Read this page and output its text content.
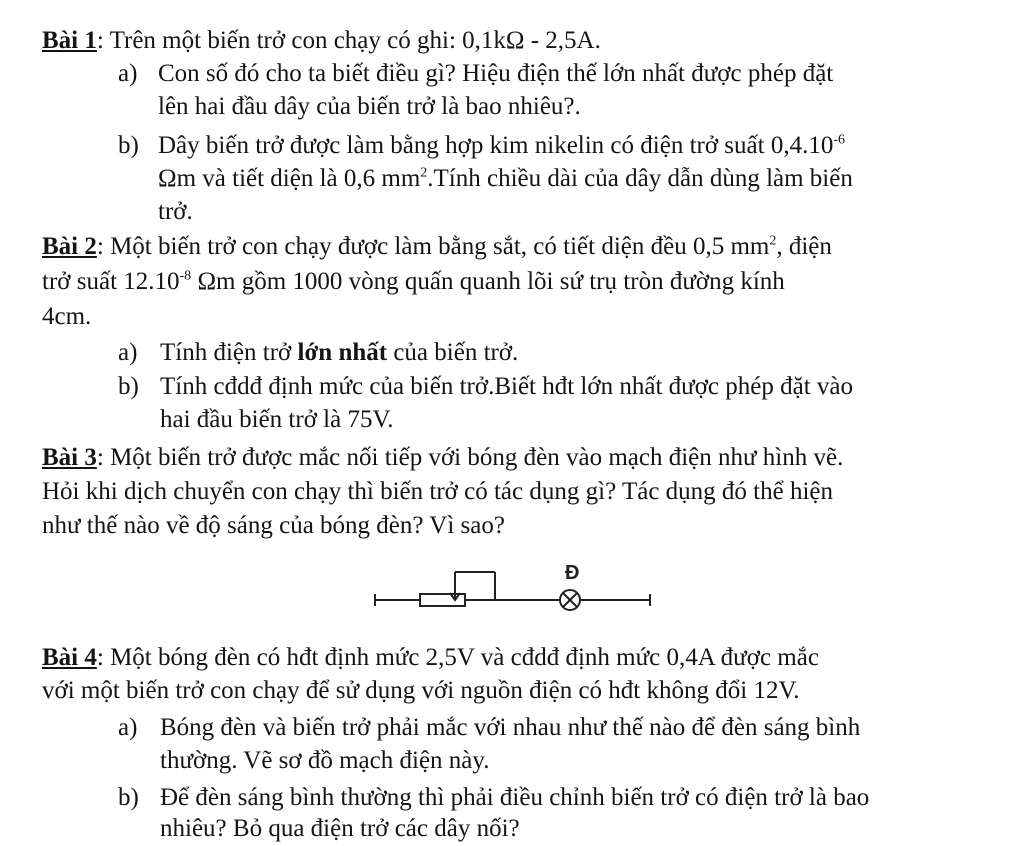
Bài 1: Trên một biến trở con chạy có ghi: 0,1kΩ - 2,5A.
a) Con số đó cho ta biết điều gì? Hiệu điện thế lớn nhất được phép đặt
lên hai đầu dây của biến trở là bao nhiêu?.
b) Dây biến trở được làm bằng hợp kim nikelin có điện trở suất $0,4.10^{-6}$
Ωm và tiết diện là 0,6 $mm^2.Tính$ chiều dài của dây dẫn dùng làm biến
trở.
Bài 2: Một biến trở con chạy được làm bằng sắt, có tiết diện đều 0,5 $mm^2$, điện
trở suất $12.10^{-8}$ Ωm gồm 1000 vòng quấn quanh lõi sứ trụ tròn đường kính
4cm.
a) Tính điện trở lớn nhất của biến trở.
b) Tính cđdđ định mức của biến trở.Biết hđt lớn nhất được phép đặt vào
hai đầu biến trở là 75V.
Bài 3: Một biến trở được mắc nối tiếp với bóng đèn vào mạch điện như hình vẽ.
Hỏi khi dịch chuyển con chạy thì biến trở có tác dụng gì? Tác dụng đó thể hiện
như thế nào về độ sáng của bóng đèn? Vì sao?
Đ
Bài 4: Một bóng đèn có hđt định mức 2,5V và cđdđ định mức 0,4A được mắc
với một biến trở con chạy để sử dụng với nguồn điện có hđt không đổi 12V.
a) Bóng đèn và biến trở phải mắc với nhau như thế nào để đèn sáng bình
thường. Vẽ sơ đồ mạch điện này.
b) Để đèn sáng bình thường thì phải điều chỉnh biến trở có điện trở là bao
nhiêu? Bỏ qua điện trở các dây nối?
